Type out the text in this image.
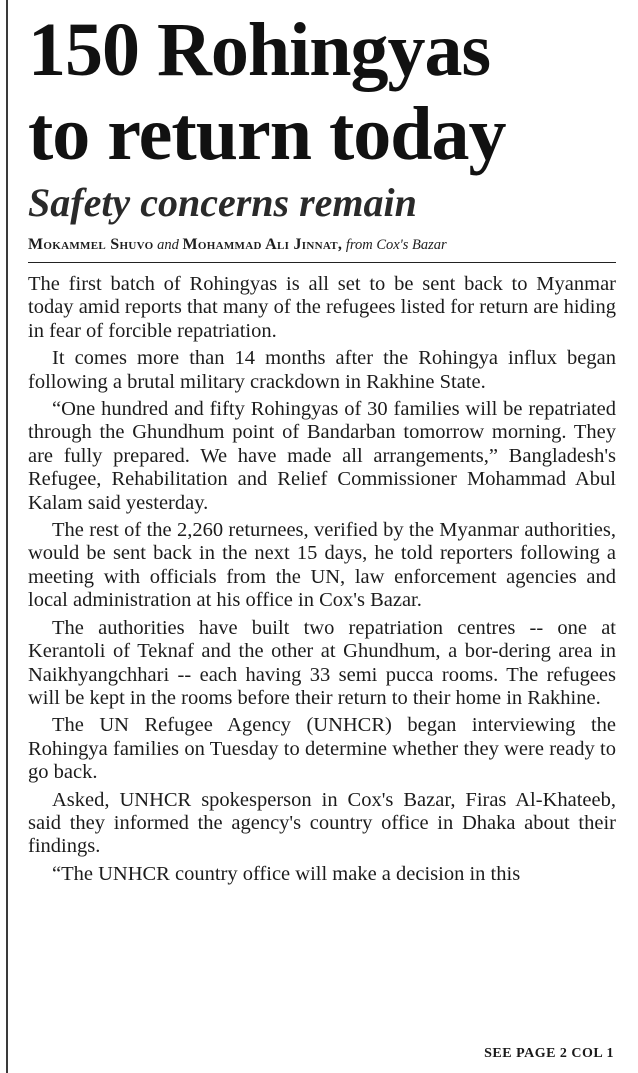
150 Rohingyas
to return today
Safety concerns remain
Mokammel Shuvo and Mohammad Ali Jinnat, from Cox's Bazar

The first batch of Rohingyas is all set to be sent back to Myanmar today amid reports that many of the refugees listed for return are hiding in fear of forcible repatriation.

It comes more than 14 months after the Rohingya influx began following a brutal military crackdown in Rakhine State.

“One hundred and fifty Rohingyas of 30 families will be repatriated through the Ghundhum point of Bandarban tomorrow morning. They are fully prepared. We have made all arrangements,” Bangladesh's Refugee, Rehabilitation and Relief Commissioner Mohammad Abul Kalam said yesterday.

The rest of the 2,260 returnees, verified by the Myanmar authorities, would be sent back in the next 15 days, he told reporters following a meeting with officials from the UN, law enforcement agencies and local administration at his office in Cox's Bazar.

The authorities have built two repatriation centres -- one at Kerantoli of Teknaf and the other at Ghundhum, a bor-dering area in Naikhyangchhari -- each having 33 semi pucca rooms. The refugees will be kept in the rooms before their return to their home in Rakhine.

The UN Refugee Agency (UNHCR) began interviewing the Rohingya families on Tuesday to determine whether they were ready to go back.

Asked, UNHCR spokesperson in Cox's Bazar, Firas Al-Khateeb, said they informed the agency's country office in Dhaka about their findings.

“The UNHCR country office will make a decision in this

SEE PAGE 2 COL 1
